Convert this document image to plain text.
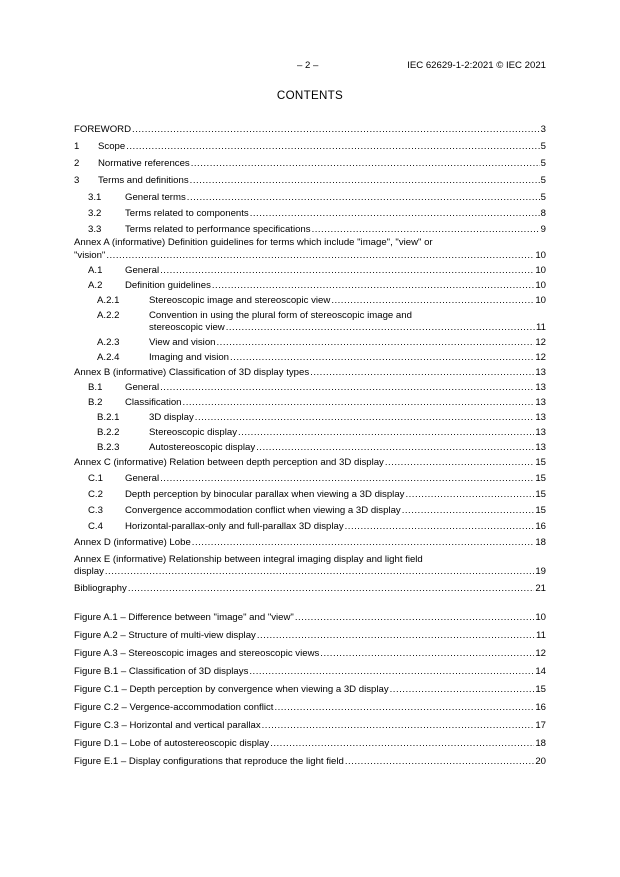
– 2 –	IEC 62629-1-2:2021 © IEC 2021
CONTENTS
FOREWORD .....	3
1	Scope .....	5
2	Normative references .....	5
3	Terms and definitions .....	5
3.1	General terms .....	5
3.2	Terms related to components .....	8
3.3	Terms related to performance specifications .....	9
Annex A (informative) Definition guidelines for terms which include "image", "view" or
"vision" .....	10
A.1	General .....	10
A.2	Definition guidelines .....	10
A.2.1	Stereoscopic image and stereoscopic view .....	10
A.2.2	Convention in using the plural form of stereoscopic image and
stereoscopic view .....	11
A.2.3	View and vision .....	12
A.2.4	Imaging and vision .....	12
Annex B (informative) Classification of 3D display types .....	13
B.1	General .....	13
B.2	Classification .....	13
B.2.1	3D display .....	13
B.2.2	Stereoscopic display .....	13
B.2.3	Autostereoscopic display .....	13
Annex C (informative) Relation between depth perception and 3D display .....	15
C.1	General .....	15
C.2	Depth perception by binocular parallax when viewing a 3D display .....	15
C.3	Convergence accommodation conflict when viewing a 3D display .....	15
C.4	Horizontal-parallax-only and full-parallax 3D display .....	16
Annex D (informative) Lobe .....	18
Annex E (informative) Relationship between integral imaging display and light field
display .....	19
Bibliography .....	21
Figure A.1 – Difference between "image" and "view" .....	10
Figure A.2 – Structure of multi-view display .....	11
Figure A.3 – Stereoscopic images and stereoscopic views .....	12
Figure B.1 – Classification of 3D displays .....	14
Figure C.1 – Depth perception by convergence when viewing a 3D display .....	15
Figure C.2 – Vergence-accommodation conflict .....	16
Figure C.3 – Horizontal and vertical parallax .....	17
Figure D.1 – Lobe of autostereoscopic display .....	18
Figure E.1 – Display configurations that reproduce the light field .....	20
